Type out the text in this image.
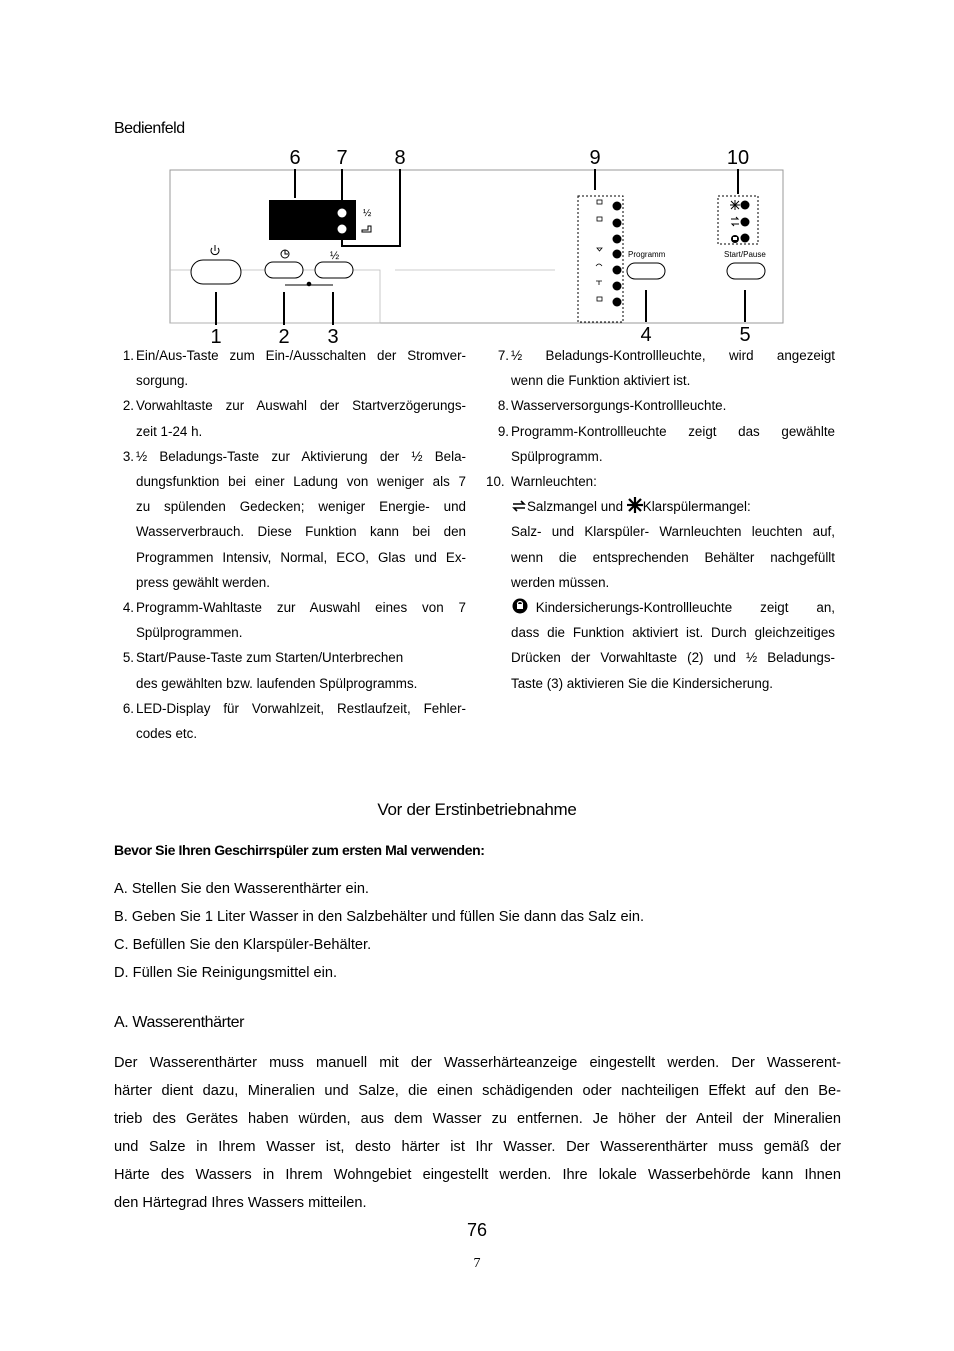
Bedienfeld
6 7 8	9	10
½
½
1	2 3
Programm
4
Start/Pause
5
1. Ein/Aus-Taste zum Ein-/Ausschalten der Stromver-
sorgung.
2. Vorwahltaste zur Auswahl der Startverzögerungs-
zeit 1-24 h.
3. ½ Beladungs-Taste zur Aktivierung der ½ Bela-
dungsfunktion bei einer Ladung von weniger als 7
zu spülenden Gedecken; weniger Energie- und
Wasserverbrauch. Diese Funktion kann bei den
Programmen Intensiv, Normal, ECO, Glas und Ex-
press gewählt werden.
4. Programm-Wahltaste zur Auswahl eines von 7
Spülprogrammen.
5. Start/Pause-Taste zum Starten/Unterbrechen
des gewählten bzw. laufenden Spülprogramms.
6. LED-Display für Vorwahlzeit, Restlaufzeit, Fehler-
codes etc.
7. ½ Beladungs-Kontrollleuchte, wird angezeigt
wenn die Funktion aktiviert ist.
8. Wasserversorgungs-Kontrollleuchte.
9. Programm-Kontrollleuchte zeigt das gewählte
Spülprogramm.
10. Warnleuchten:
Salzmangel und Klarspülermangel:
Salz- und Klarspüler- Warnleuchten leuchten auf,
wenn die entsprechenden Behälter nachgefüllt
werden müssen.
 Kindersicherungs-Kontrollleuchte zeigt an,
dass die Funktion aktiviert ist. Durch gleichzeitiges
Drücken der Vorwahltaste (2) und ½ Beladungs-
Taste (3) aktivieren Sie die Kindersicherung.
Vor der Erstinbetriebnahme
Bevor Sie Ihren Geschirrspüler zum ersten Mal verwenden:
A. Stellen Sie den Wasserenthärter ein.
B. Geben Sie 1 Liter Wasser in den Salzbehälter und füllen Sie dann das Salz ein.
C. Befüllen Sie den Klarspüler-Behälter.
D. Füllen Sie Reinigungsmittel ein.
A. Wasserenthärter

Der Wasserenthärter muss manuell mit der Wasserhärteanzeige eingestellt werden. Der Wasserent-

härter dient dazu, Mineralien und Salze, die einen schädigenden oder nachteiligen Effekt auf den Be-

trieb des Gerätes haben würden, aus dem Wasser zu entfernen. Je höher der Anteil der Mineralien

und Salze in Ihrem Wasser ist, desto härter ist Ihr Wasser. Der Wasserenthärter muss gemäß der

Härte des Wassers in Ihrem Wohngebiet eingestellt werden. Ihre lokale Wasserbehörde kann Ihnen

den Härtegrad Ihres Wassers mitteilen.

76
7
